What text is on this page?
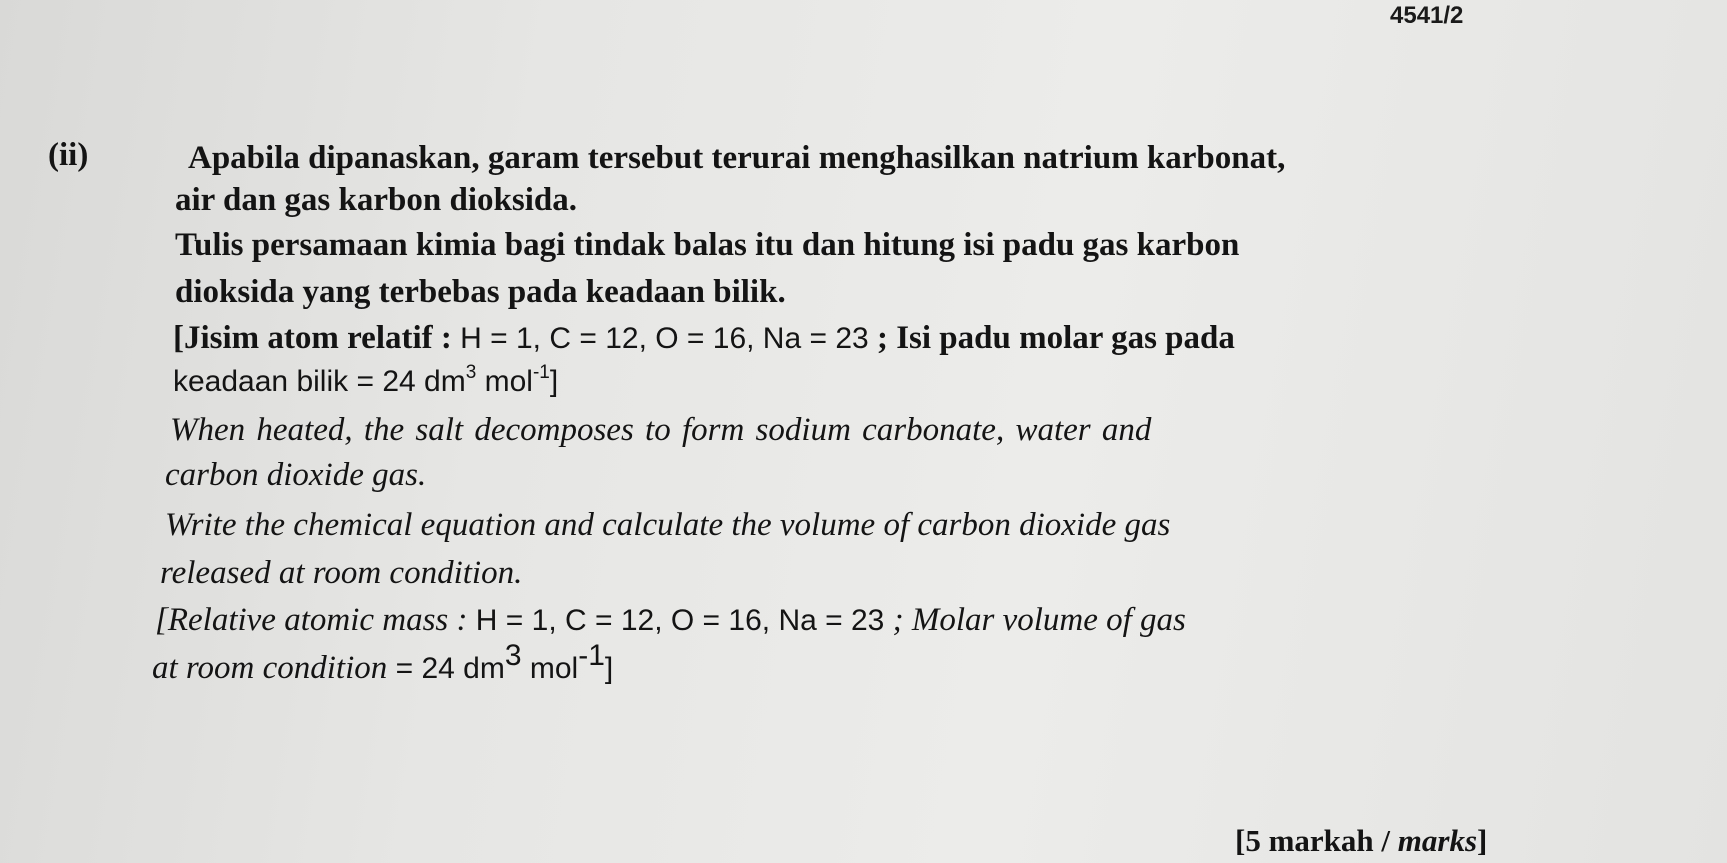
4541/2
(ii)	Apabila dipanaskan, garam tersebut terurai menghasilkan natrium karbonat,
air dan gas karbon dioksida.
Tulis persamaan kimia bagi tindak balas itu dan hitung isi padu gas karbon
dioksida yang terbebas pada keadaan bilik.
[Jisim atom relatif : H = 1, C = 12, O = 16, Na = 23 ; Isi padu molar gas pada
keadaan bilik = 24 $dm^3$ mol$^{-1}$]
When heated, the salt decomposes to form sodium carbonate, water and
carbon dioxide gas.
Write the chemical equation and calculate the volume of carbon dioxide gas
released at room condition.
[Relative atomic mass : H = 1, C = 12, O = 16, Na = 23 ; Molar volume of gas
at room condition = 24 $dm^3$ mol$^{-1}$]
[5 markah / marks]
